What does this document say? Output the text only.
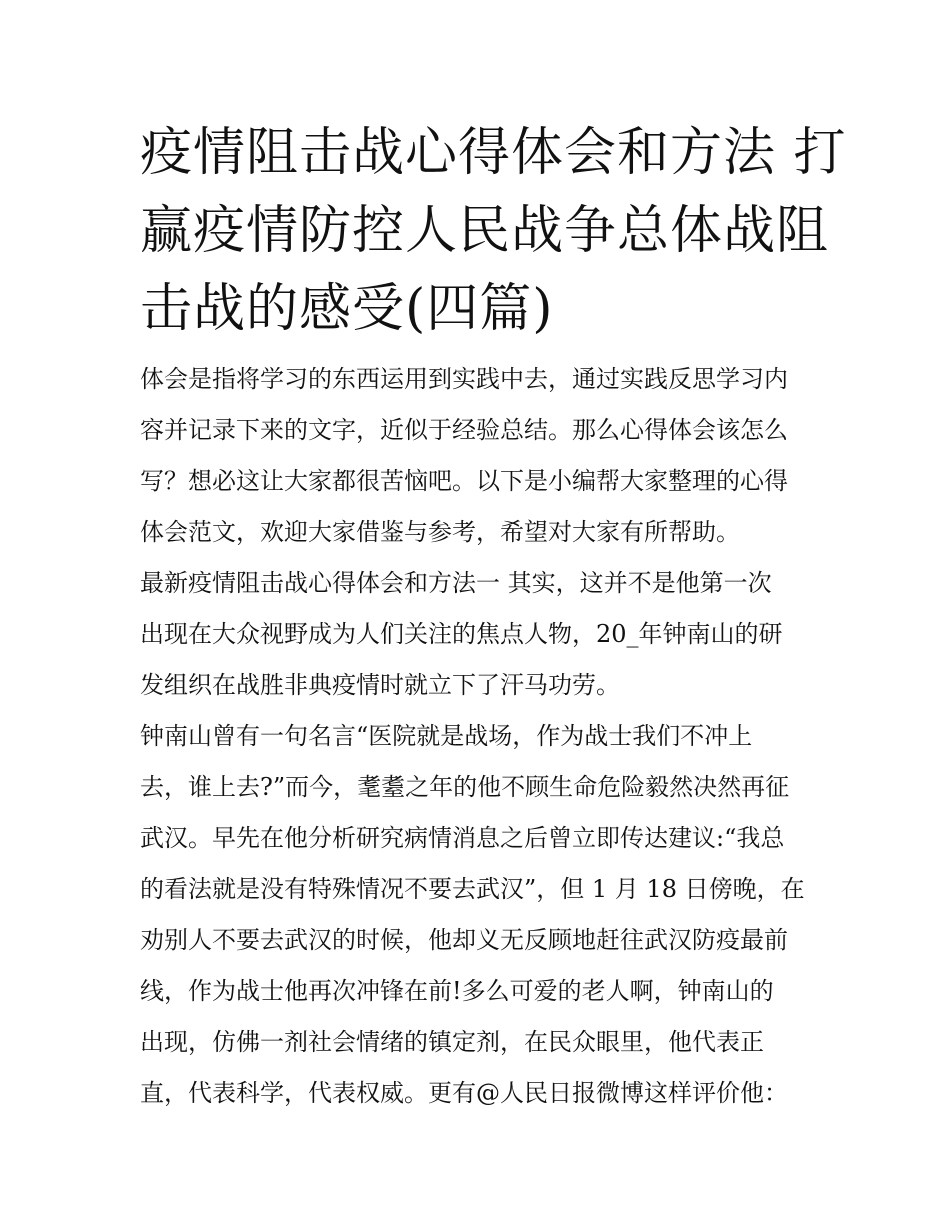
疫情阻击战心得体会和方法 打
赢疫情防控人民战争总体战阻
击战的感受(四篇)
体会是指将学习的东西运用到实践中去，通过实践反思学习内
容并记录下来的文字，近似于经验总结。那么心得体会该怎么
写？想必这让大家都很苦恼吧。以下是小编帮大家整理的心得
体会范文，欢迎大家借鉴与参考，希望对大家有所帮助。
最新疫情阻击战心得体会和方法一 其实，这并不是他第一次
出现在大众视野成为人们关注的焦点人物，20_年钟南山的研
发组织在战胜非典疫情时就立下了汗马功劳。
钟南山曾有一句名言“医院就是战场，作为战士我们不冲上
去，谁上去?”而今，耄耋之年的他不顾生命危险毅然决然再征
武汉。早先在他分析研究病情消息之后曾立即传达建议:“我总
的看法就是没有特殊情况不要去武汉”，但 1 月 18 日傍晚，在
劝别人不要去武汉的时候，他却义无反顾地赶往武汉防疫最前
线，作为战士他再次冲锋在前!多么可爱的老人啊，钟南山的
出现，仿佛一剂社会情绪的镇定剂，在民众眼里，他代表正
直，代表科学，代表权威。更有@人民日报微博这样评价他：
